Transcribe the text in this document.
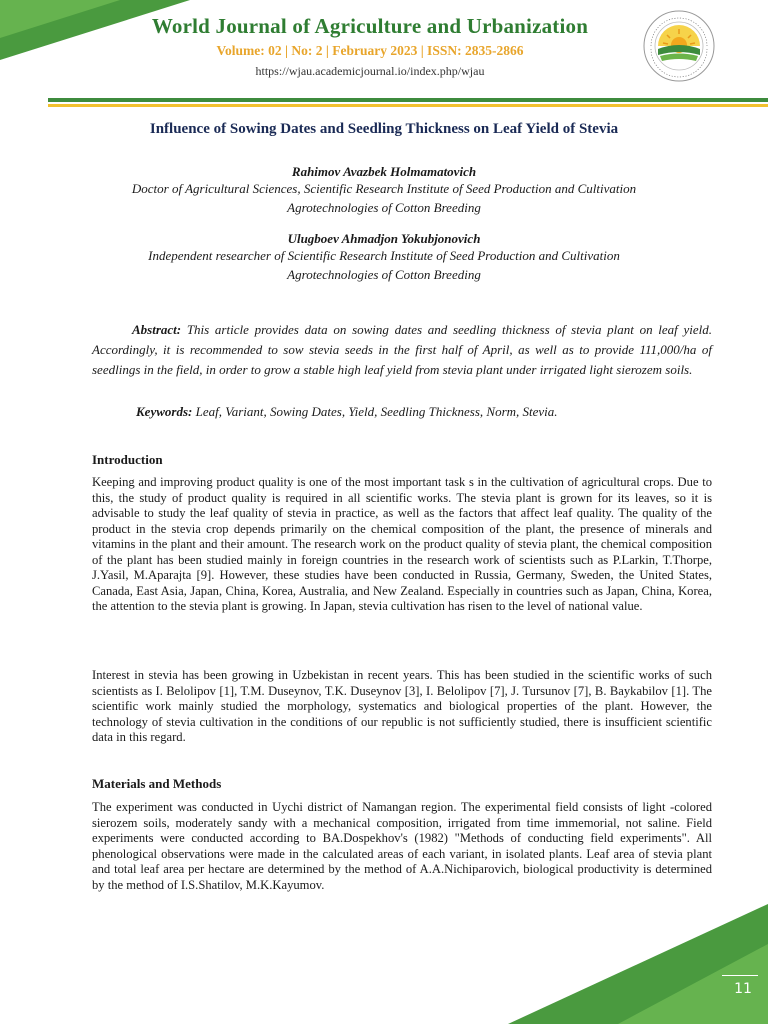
World Journal of Agriculture and Urbanization
Volume: 02 | No: 2 | February 2023 | ISSN: 2835-2866
https://wjau.academicjournal.io/index.php/wjau
Influence of Sowing Dates and Seedling Thickness on Leaf Yield of Stevia
Rahimov Avazbek Holmamatovich
Doctor of Agricultural Sciences, Scientific Research Institute of Seed Production and Cultivation
Agrotechnologies of Cotton Breeding
Ulugboev Ahmadjon Yokubjonovich
Independent researcher of Scientific Research Institute of Seed Production and Cultivation
Agrotechnologies of Cotton Breeding
Abstract: This article provides data on sowing dates and seedling thickness of stevia plant on leaf yield. Accordingly, it is recommended to sow stevia seeds in the first half of April, as well as to provide 111,000/ha of seedlings in the field, in order to grow a stable high leaf yield from stevia plant under irrigated light sierozem soils.
Keywords: Leaf, Variant, Sowing Dates, Yield, Seedling Thickness, Norm, Stevia.
Introduction
Keeping and improving product quality is one of the most important task s in the cultivation of agricultural crops. Due to this, the study of product quality is required in all scientific works. The stevia plant is grown for its leaves, so it is advisable to study the leaf quality of stevia in practice, as well as the factors that affect leaf quality. The quality of the product in the stevia crop depends primarily on the chemical composition of the plant, the presence of minerals and vitamins in the plant and their amount. The research work on the product quality of stevia plant, the chemical composition of the plant has been studied mainly in foreign countries in the research work of scientists such as P.Larkin, T.Thorpe, J.Yasil, M.Aparajta [9]. However, these studies have been conducted in Russia, Germany, Sweden, the United States, Canada, East Asia, Japan, China, Korea, Australia, and New Zealand. Especially in countries such as Japan, China, Korea, the attention to the stevia plant is growing. In Japan, stevia cultivation has risen to the level of national value.
Interest in stevia has been growing in Uzbekistan in recent years. This has been studied in the scientific works of such scientists as I. Belolipov [1], T.M. Duseynov, T.K. Duseynov [3], I. Belolipov [7], J. Tursunov [7], B. Baykabilov [1]. The scientific work mainly studied the morphology, systematics and biological properties of the plant. However, the technology of stevia cultivation in the conditions of our republic is not sufficiently studied, there is insufficient scientific data in this regard.
Materials and Methods
The experiment was conducted in Uychi district of Namangan region. The experimental field consists of light -colored sierozem soils, moderately sandy with a mechanical composition, irrigated from time immemorial, not saline. Field experiments were conducted according to BA.Dospekhov's (1982) "Methods of conducting field experiments". All phenological observations were made in the calculated areas of each variant, in isolated plants. Leaf area of stevia plant and total leaf area per hectare are determined by the method of A.A.Nichiparovich, biological productivity is determined by the method of I.S.Shatilov, M.K.Kayumov.
11
